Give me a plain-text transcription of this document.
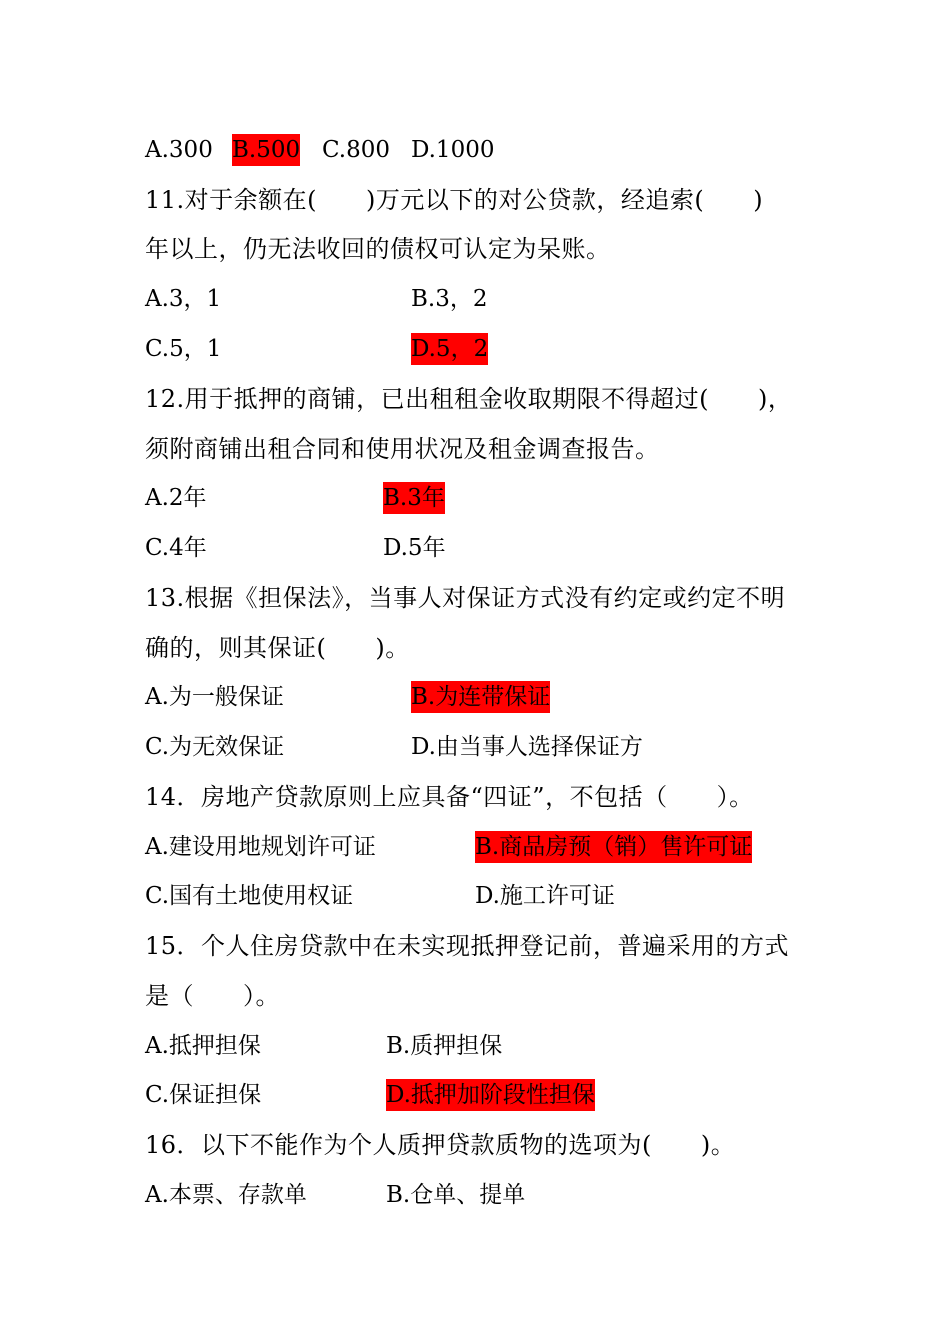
A.300 B.500 C.800 D.1000
11.对于余额在(　　)万元以下的对公贷款，经追索(　　)
年以上，仍无法收回的债权可认定为呆账。
A.3，1	B.3，2
C.5，1	D.5，2
12.用于抵押的商铺，已出租租金收取期限不得超过(　　)，
须附商铺出租合同和使用状况及租金调查报告。
A.2年	B.3年
C.4年	D.5年
13.根据《担保法》，当事人对保证方式没有约定或约定不明
确的，则其保证(　　)。
A.为一般保证	B.为连带保证
C.为无效保证	D.由当事人选择保证方
14．房地产贷款原则上应具备“四证”，不包括（　　）。
A.建设用地规划许可证	B.商品房预（销）售许可证
C.国有土地使用权证	D.施工许可证
15．个人住房贷款中在未实现抵押登记前，普遍采用的方式
是（　　）。
A.抵押担保	B.质押担保
C.保证担保	D.抵押加阶段性担保
16．以下不能作为个人质押贷款质物的选项为(　　)。
A.本票、存款单	B.仓单、提单
